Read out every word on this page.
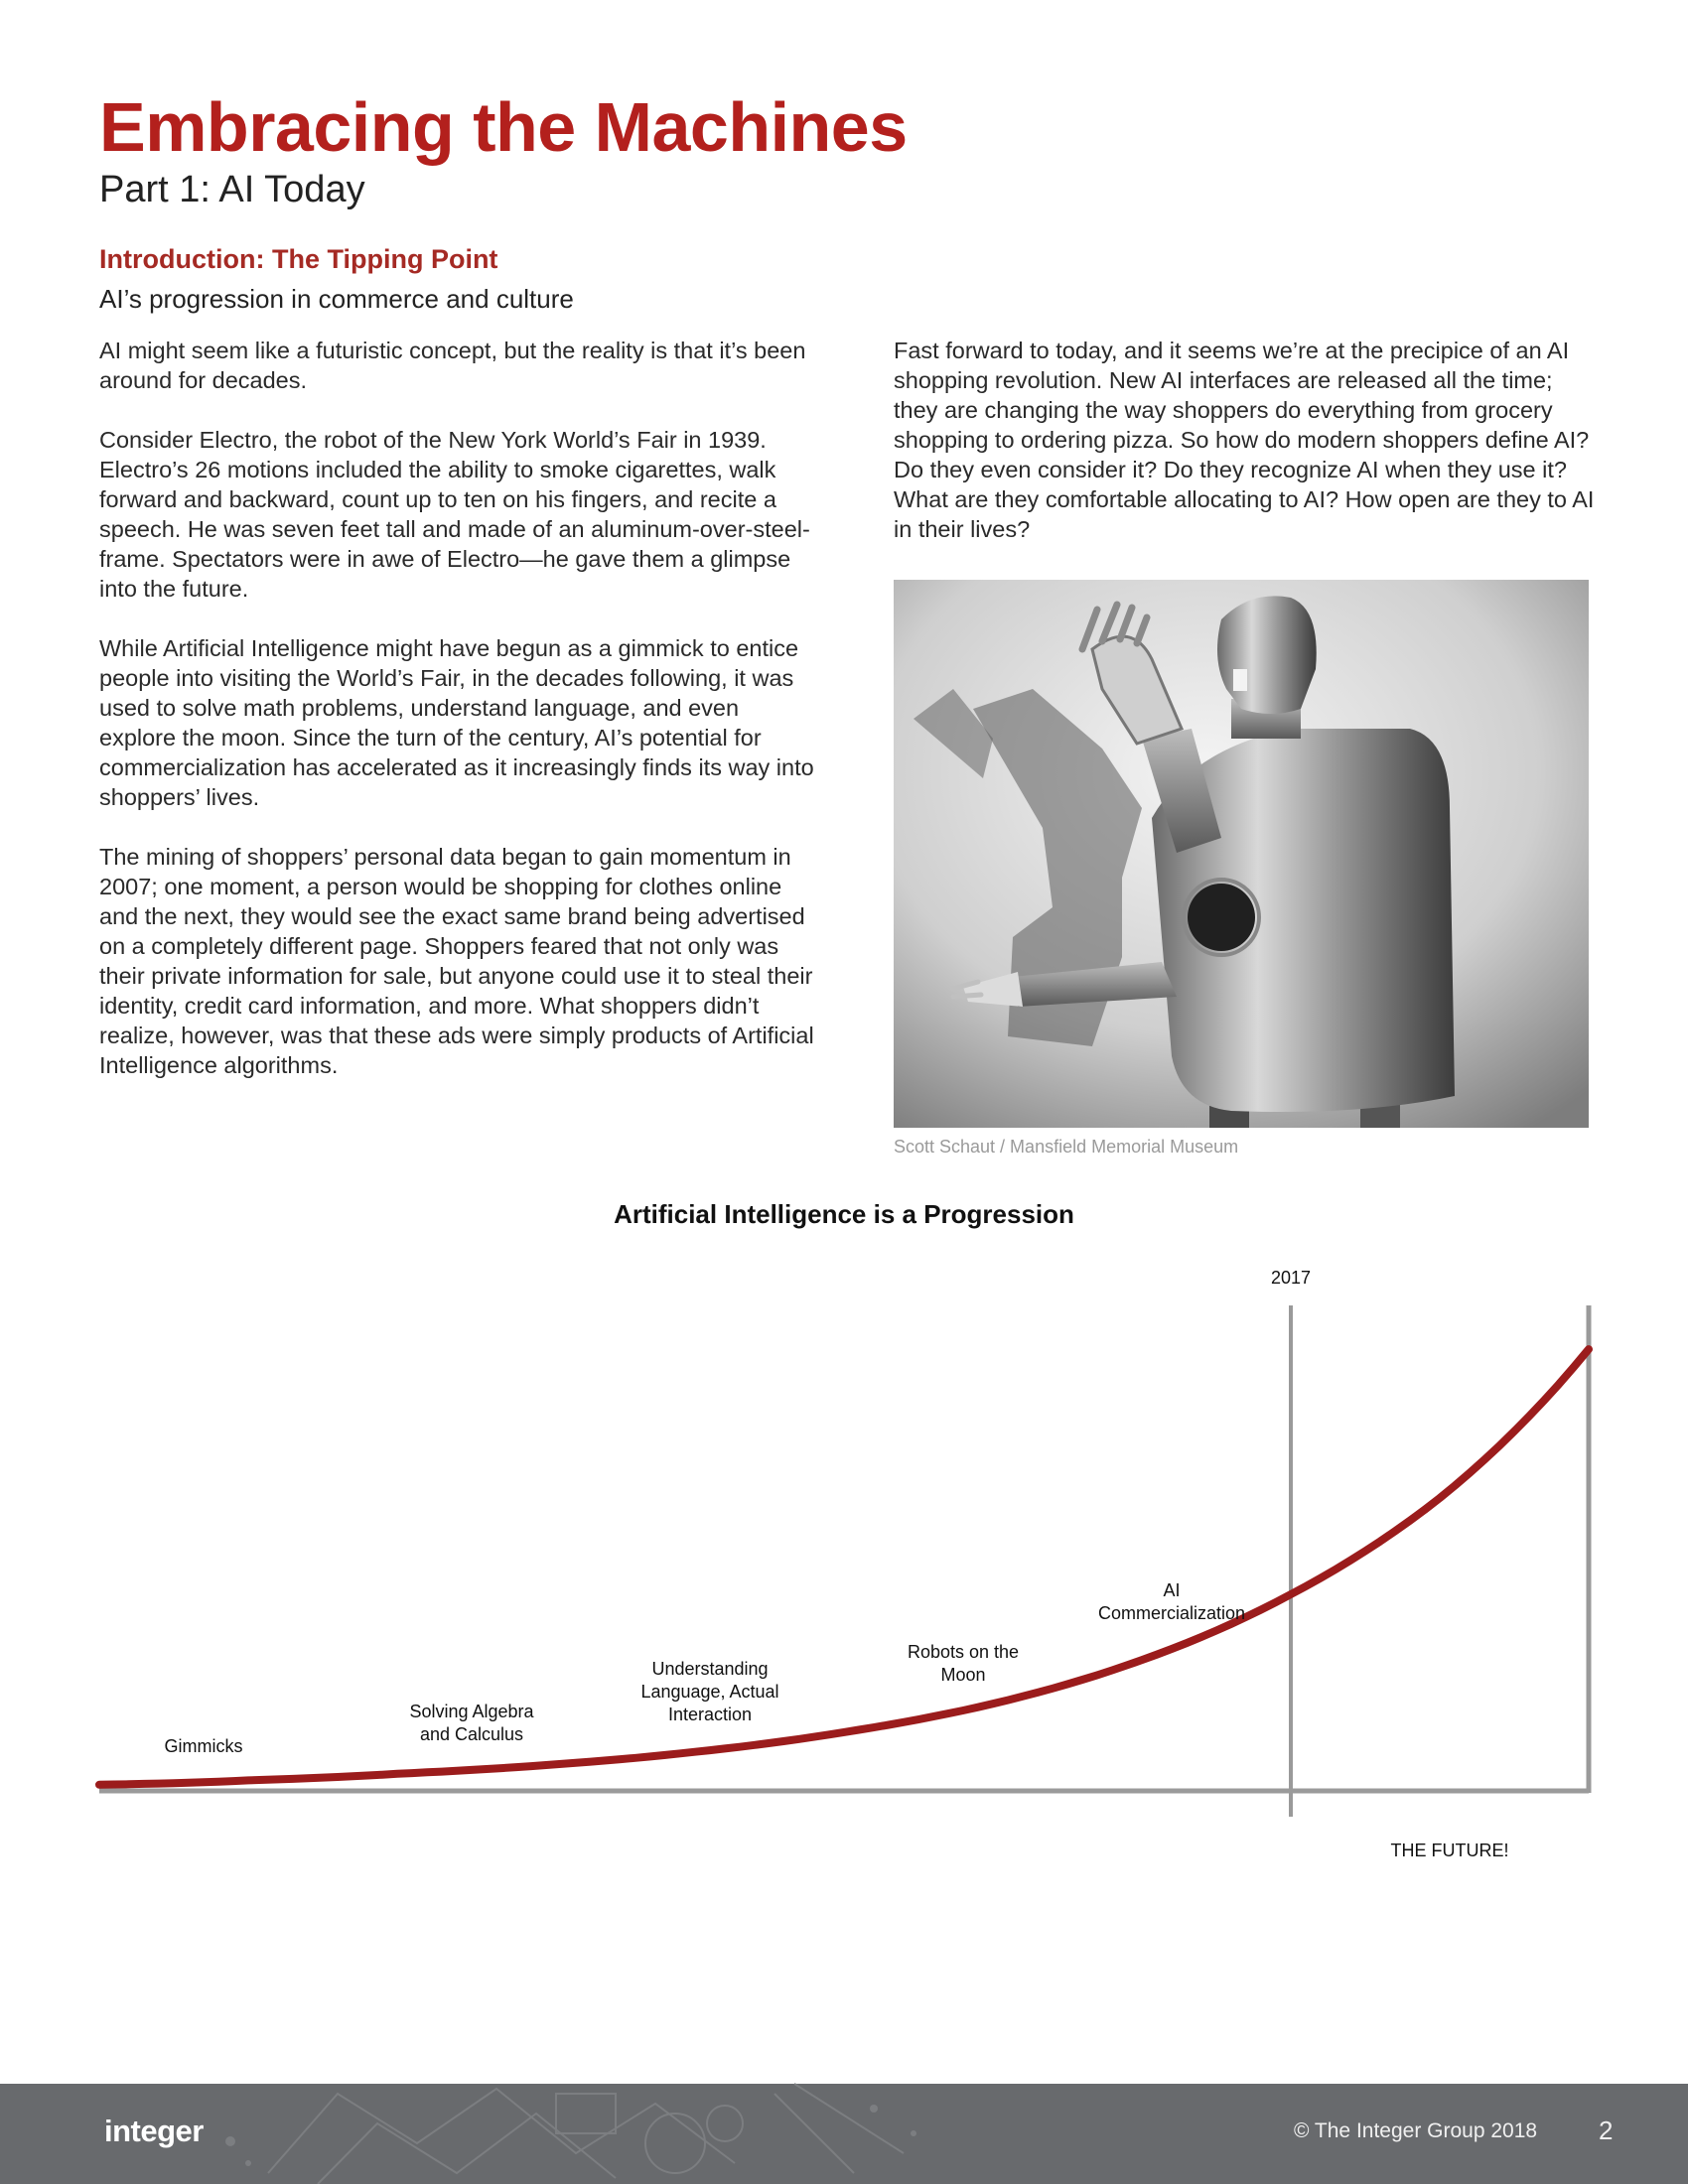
Embracing the Machines
Part 1: AI Today
Introduction: The Tipping Point
AI’s progression in commerce and culture

AI might seem like a futuristic concept, but the reality is that it’s been around for decades.

Consider Electro, the robot of the New York World’s Fair in 1939. Electro’s 26 motions included the ability to smoke cigarettes, walk forward and backward, count up to ten on his fingers, and recite a speech. He was seven feet tall and made of an aluminum-over-steel-frame. Spectators were in awe of Electro—he gave them a glimpse into the future.

While Artificial Intelligence might have begun as a gimmick to entice people into visiting the World’s Fair, in the decades following, it was used to solve math problems, understand language, and even explore the moon. Since the turn of the century, AI’s potential for commercialization has accelerated as it increasingly finds its way into shoppers’ lives.

The mining of shoppers’ personal data began to gain momentum in 2007; one moment, a person would be shopping for clothes online and the next, they would see the exact same brand being advertised on a completely different page. Shoppers feared that not only was their private information for sale, but anyone could use it to steal their identity, credit card information, and more. What shoppers didn’t realize, however, was that these ads were simply products of Artificial Intelligence algorithms.

Fast forward to today, and it seems we’re at the precipice of an AI shopping revolution. New AI interfaces are released all the time; they are changing the way shoppers do everything from grocery shopping to ordering pizza. So how do modern shoppers define AI? Do they even consider it? Do they recognize AI when they use it? What are they comfortable allocating to AI? How open are they to AI in their lives?

Scott Schaut / Mansfield Memorial Museum
Artificial Intelligence is a Progression
2017
THE FUTURE!
Gimmicks
Solving Algebra and Calculus
Understanding Language, Actual Interaction
Robots on the Moon
AI Commercialization
integer	© The Integer Group 2018 2
